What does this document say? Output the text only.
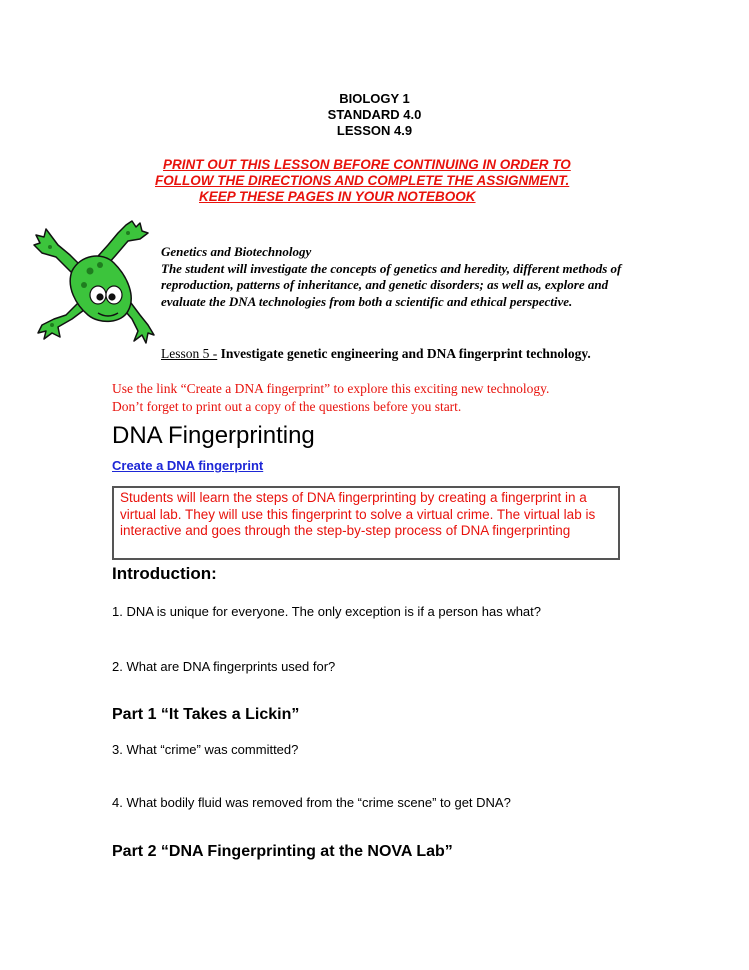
BIOLOGY 1
STANDARD 4.0
LESSON 4.9
PRINT OUT THIS LESSON BEFORE CONTINUING IN ORDER TO
FOLLOW THE DIRECTIONS AND COMPLETE THE ASSIGNMENT.
KEEP THESE PAGES IN YOUR NOTEBOOK
Genetics and Biotechnology
The student will investigate the concepts of genetics and heredity, different methods of reproduction, patterns of inheritance, and genetic disorders; as well as, explore and evaluate the DNA technologies from both a scientific and ethical perspective.
Lesson 5 - Investigate genetic engineering and DNA fingerprint technology.
Use the link “Create a DNA fingerprint” to explore this exciting new technology.
Don’t forget to print out a copy of the questions before you start.
DNA Fingerprinting
Create a DNA fingerprint
Students will learn the steps of DNA fingerprinting by creating a fingerprint in a virtual lab. They will use this fingerprint to solve a virtual crime. The virtual lab is interactive and goes through the step-by-step process of DNA fingerprinting
Introduction:
1. DNA is unique for everyone. The only exception is if a person has what?
2. What are DNA fingerprints used for?
Part 1 “It Takes a Lickin”
3. What “crime” was committed?
4. What bodily fluid was removed from the “crime scene” to get DNA?
Part 2 “DNA Fingerprinting at the NOVA Lab”
